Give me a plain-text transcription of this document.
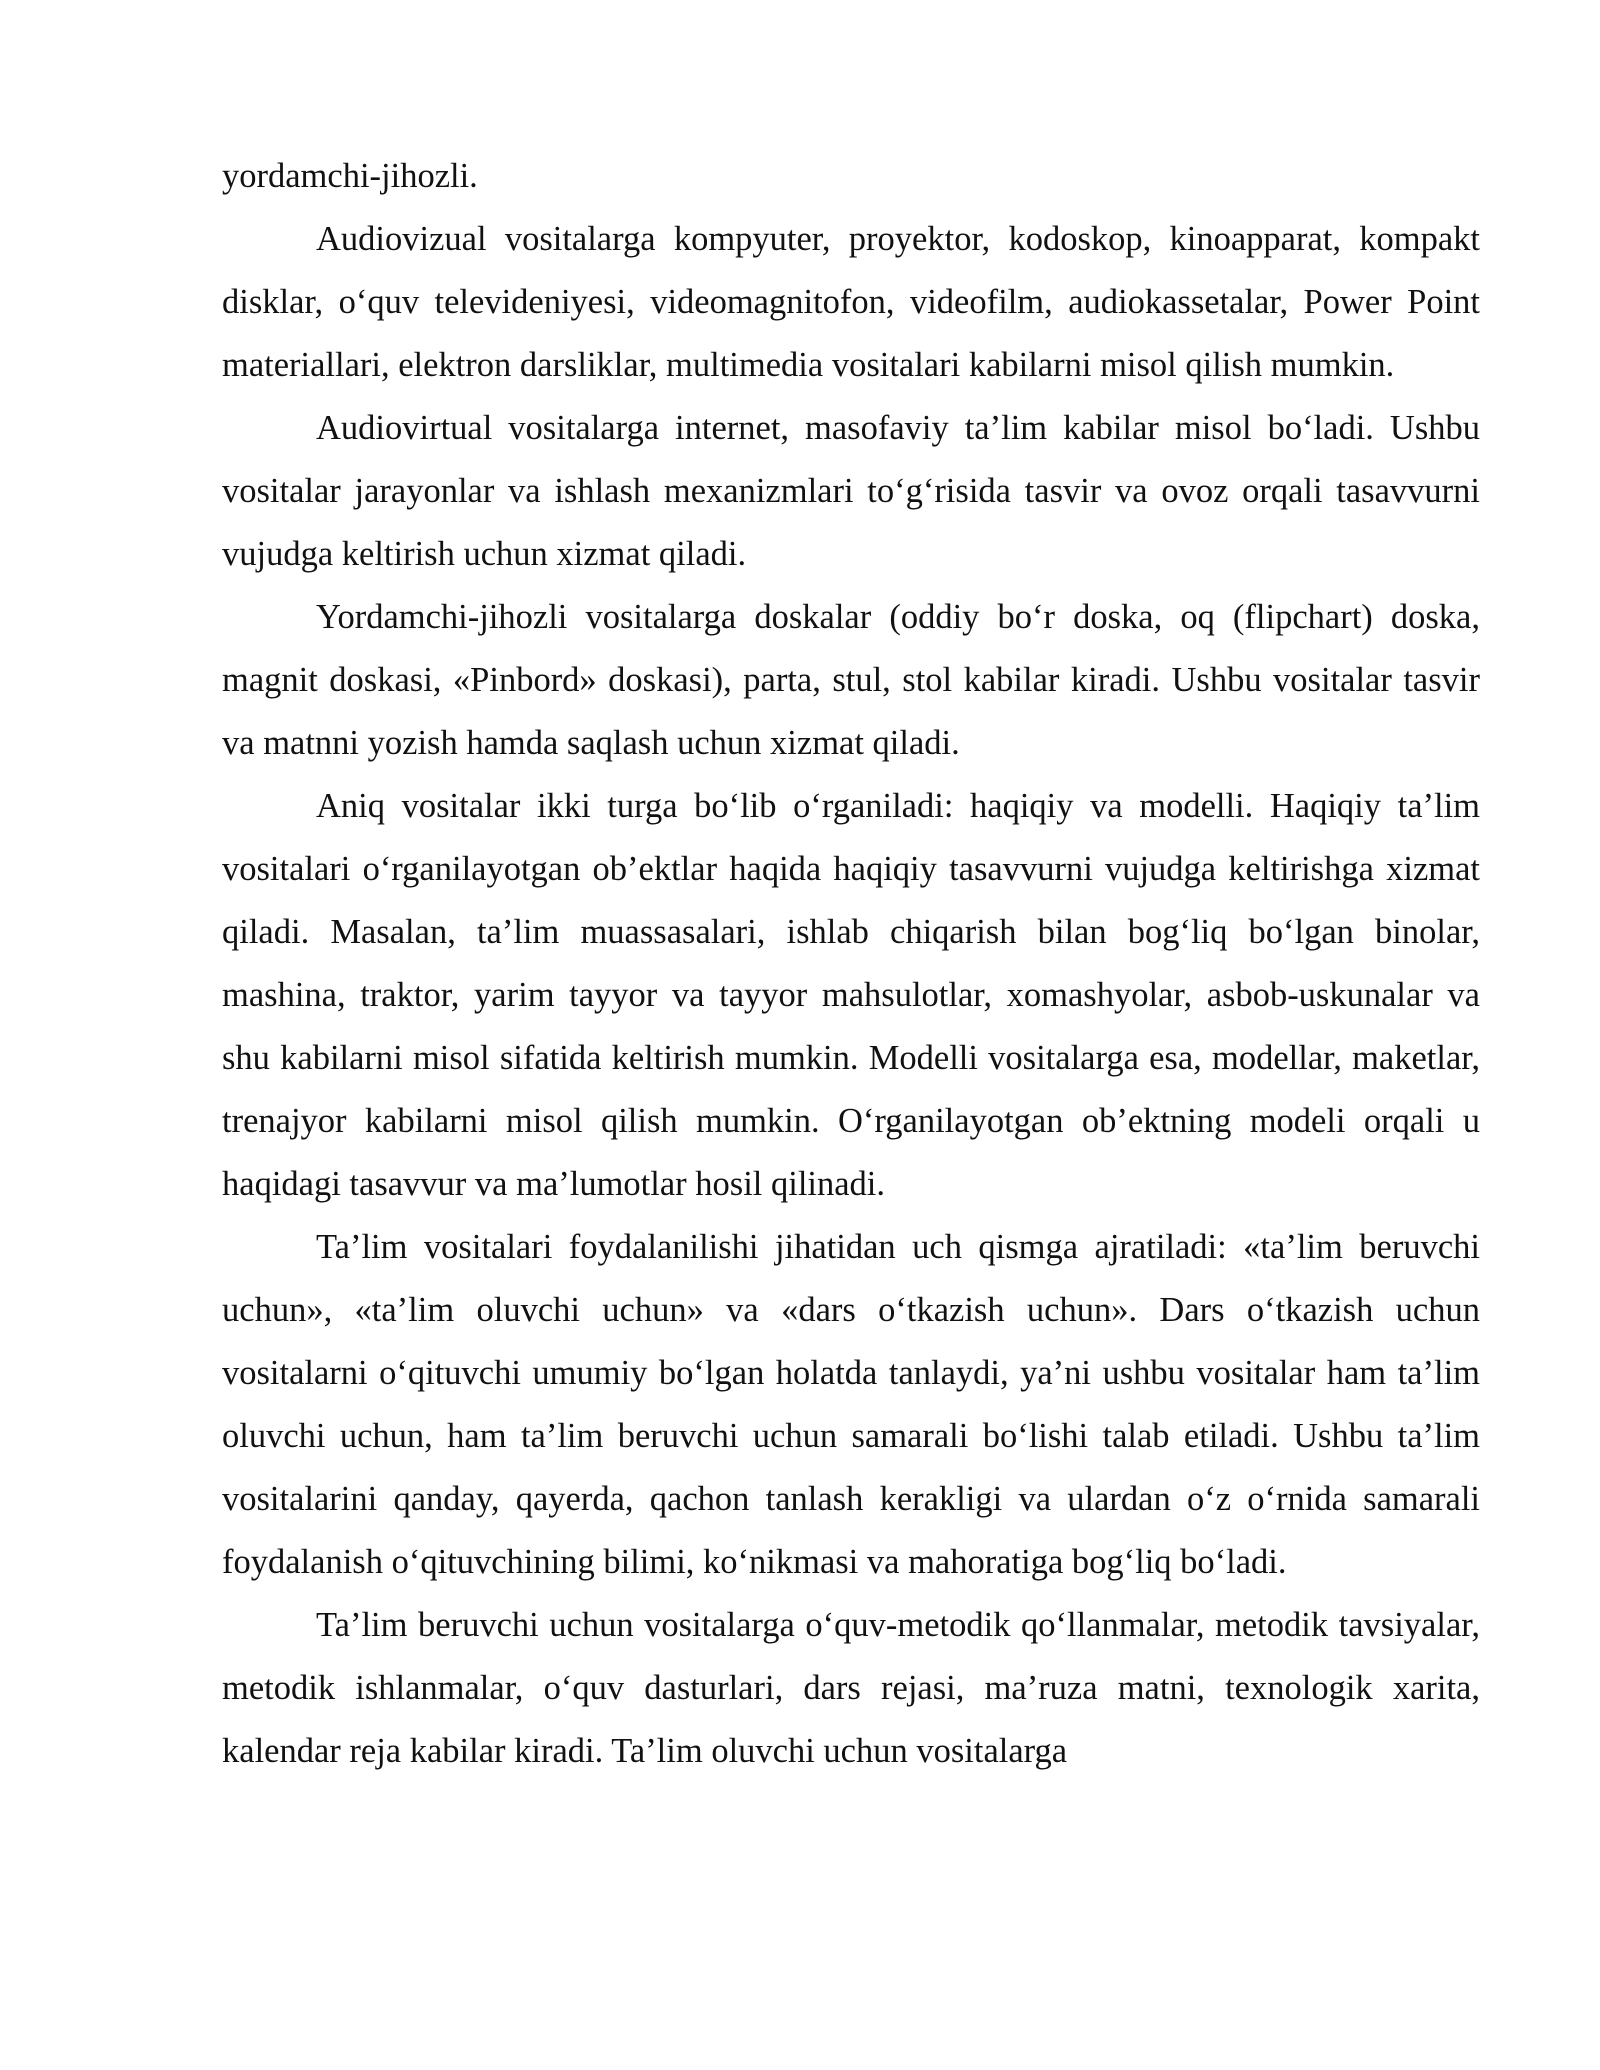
yordamchi-jihozli.

Audiovizual vositalarga kompyuter, proyektor, kodoskop, kinoapparat, kompakt disklar, o‘quv televideniyesi, videomagnitofon, videofilm, audiokassetalar, Power Point materiallari, elektron darsliklar, multimedia vositalari kabilarni misol qilish mumkin.

Audiovirtual vositalarga internet, masofaviy ta’lim kabilar misol bo‘ladi. Ushbu vositalar jarayonlar va ishlash mexanizmlari to‘g‘risida tasvir va ovoz orqali tasavvurni vujudga keltirish uchun xizmat qiladi.

Yordamchi-jihozli vositalarga doskalar (oddiy bo‘r doska, oq (flipchart) doska, magnit doskasi, «Pinbord» doskasi), parta, stul, stol kabilar kiradi. Ushbu vositalar tasvir va matnni yozish hamda saqlash uchun xizmat qiladi.

Aniq vositalar ikki turga bo‘lib o‘rganiladi: haqiqiy va modelli. Haqiqiy ta’lim vositalari o‘rganilayotgan ob’ektlar haqida haqiqiy tasavvurni vujudga keltirishga xizmat qiladi. Masalan, ta’lim muassasalari, ishlab chiqarish bilan bog‘liq bo‘lgan binolar, mashina, traktor, yarim tayyor va tayyor mahsulotlar, xomashyolar, asbob-uskunalar va shu kabilarni misol sifatida keltirish mumkin. Modelli vositalarga esa, modellar, maketlar, trenajyor kabilarni misol qilish mumkin. O‘rganilayotgan ob’ektning modeli orqali u haqidagi tasavvur va ma’lumotlar hosil qilinadi.

Ta’lim vositalari foydalanilishi jihatidan uch qismga ajratiladi: «ta’lim beruvchi uchun», «ta’lim oluvchi uchun» va «dars o‘tkazish uchun». Dars o‘tkazish uchun vositalarni o‘qituvchi umumiy bo‘lgan holatda tanlaydi, ya’ni ushbu vositalar ham ta’lim oluvchi uchun, ham ta’lim beruvchi uchun samarali bo‘lishi talab etiladi. Ushbu ta’lim vositalarini qanday, qayerda, qachon tanlash kerakligi va ulardan o‘z o‘rnida samarali foydalanish o‘qituvchining bilimi, ko‘nikmasi va mahoratiga bog‘liq bo‘ladi.

Ta’lim beruvchi uchun vositalarga o‘quv-metodik qo‘llanmalar, metodik tavsiyalar, metodik ishlanmalar, o‘quv dasturlari, dars rejasi, ma’ruza matni, texnologik xarita, kalendar reja kabilar kiradi. Ta’lim oluvchi uchun vositalarga
